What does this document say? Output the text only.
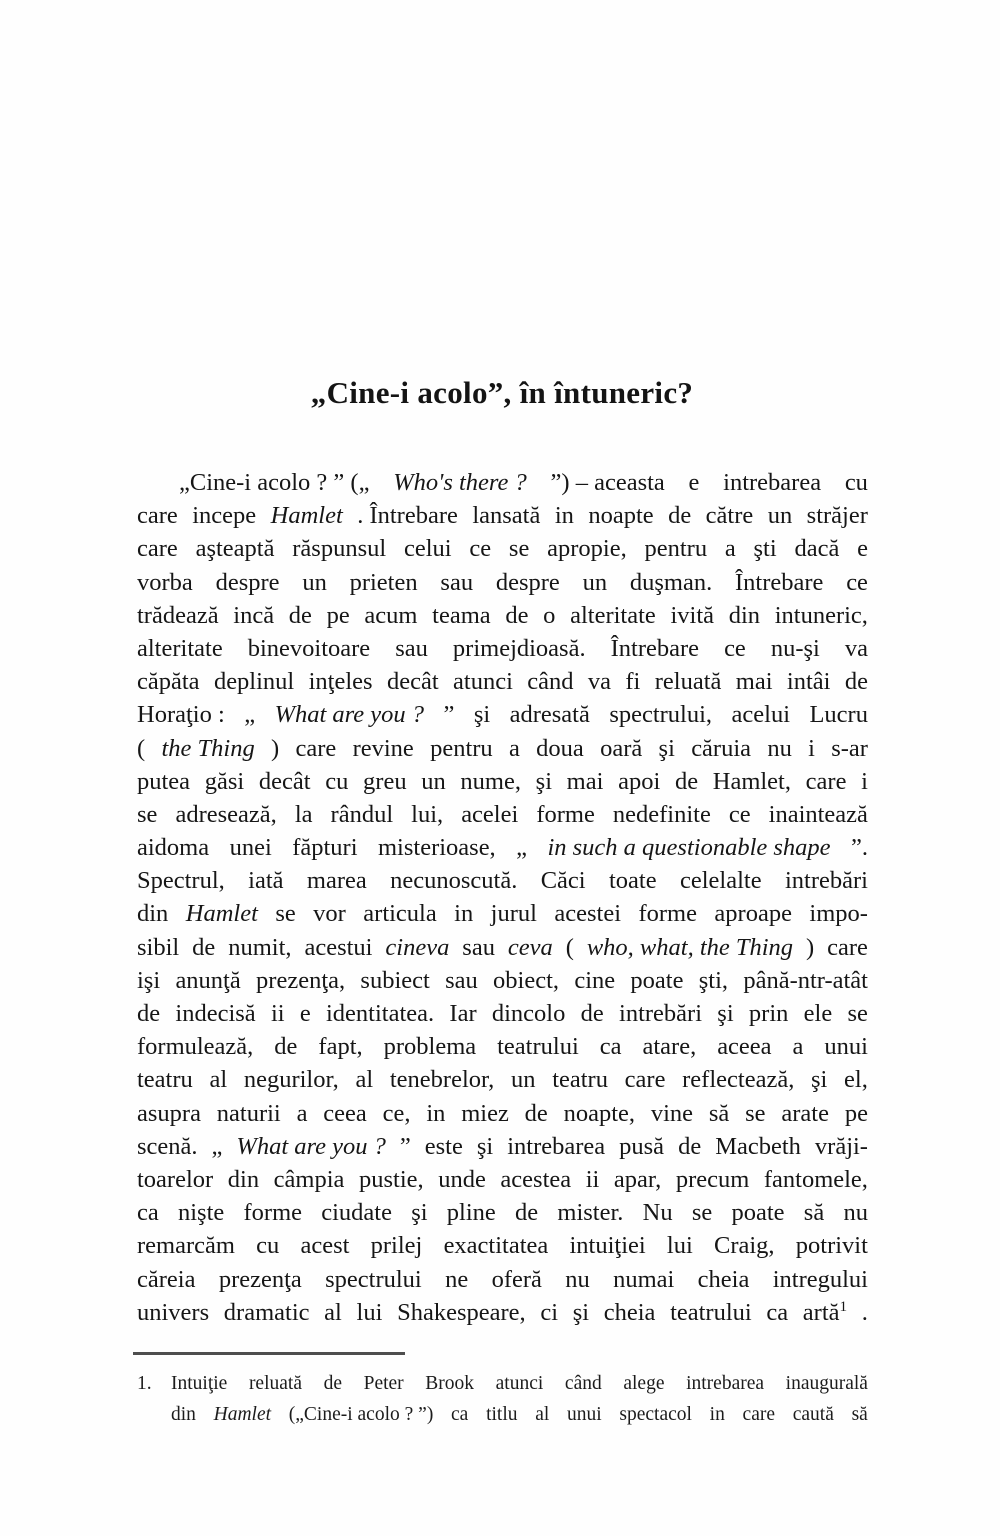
„Cine-i acolo”, în întuneric?
„Cine-i acolo ? ” („ Who's there ? ”) – aceasta e intrebarea cu
care incepe Hamlet . Întrebare lansată in noapte de către un străjer
care aşteaptă răspunsul celui ce se apropie, pentru a şti dacă e
vorba despre un prieten sau despre un duşman. Întrebare ce
trădează incă de pe acum teama de o alteritate ivită din intuneric,
alteritate binevoitoare sau primejdioasă. Întrebare ce nu-şi va
căpăta deplinul inţeles decât atunci când va fi reluată mai intâi de
Horaţio : „ What are you ? ” şi adresată spectrului, acelui Lucru
( the Thing ) care revine pentru a doua oară şi căruia nu i s-ar
putea găsi decât cu greu un nume, şi mai apoi de Hamlet, care i
se adresează, la rândul lui, acelei forme nedefinite ce inaintează
aidoma unei făpturi misterioase, „ in such a questionable shape ”.
Spectrul, iată marea necunoscută. Căci toate celelalte intrebări
din Hamlet se vor articula in jurul acestei forme aproape impo-
sibil de numit, acestui cineva sau ceva ( who, what, the Thing ) care
işi anunţă prezenţa, subiect sau obiect, cine poate şti, până-ntr-atât
de indecisă ii e identitatea. Iar dincolo de intrebări şi prin ele se
formulează, de fapt, problema teatrului ca atare, aceea a unui
teatru al negurilor, al tenebrelor, un teatru care reflectează, şi el,
asupra naturii a ceea ce, in miez de noapte, vine să se arate pe
scenă. „ What are you ? ” este şi intrebarea pusă de Macbeth vrăji-
toarelor din câmpia pustie, unde acestea ii apar, precum fantomele,
ca nişte forme ciudate şi pline de mister. Nu se poate să nu
remarcăm cu acest prilej exactitatea intuiţiei lui Craig, potrivit
căreia prezenţa spectrului ne oferă nu numai cheia intregului
univers dramatic al lui Shakespeare, ci şi cheia teatrului ca artă$^1$ .
1. Intuiţie reluată de Peter Brook atunci când alege intrebarea inaugurală
din Hamlet („Cine-i acolo ? ”) ca titlu al unui spectacol in care caută să
